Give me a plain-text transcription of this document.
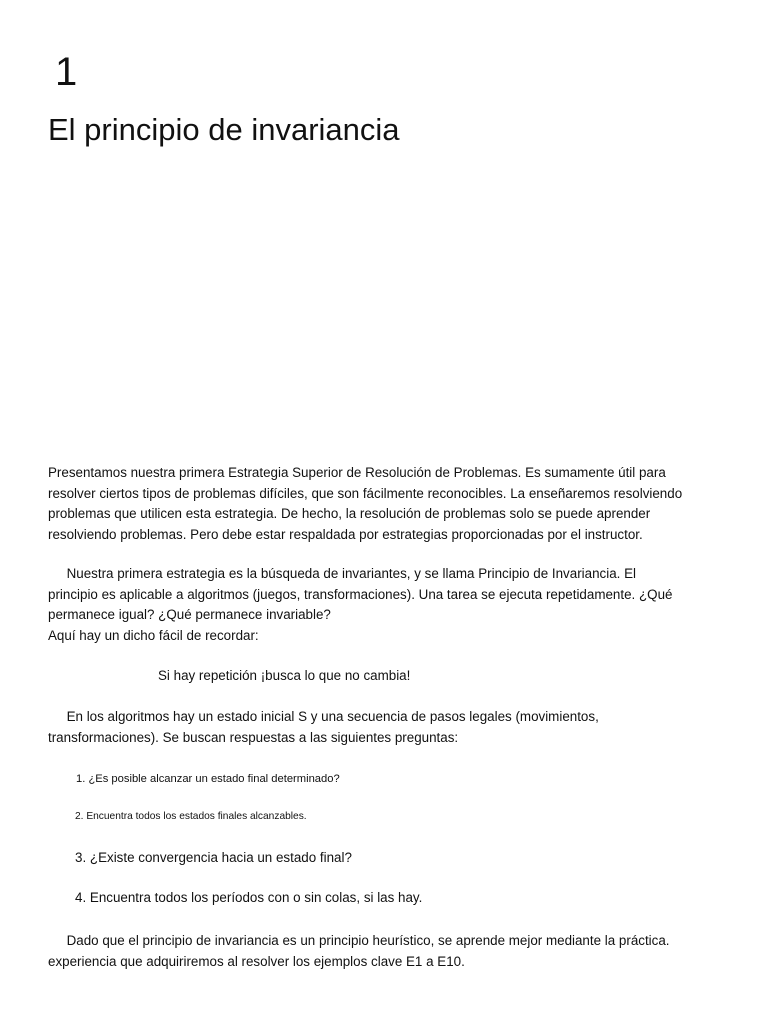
1
El principio de invariancia
Presentamos nuestra primera Estrategia Superior de Resolución de Problemas. Es sumamente útil para
resolver ciertos tipos de problemas difíciles, que son fácilmente reconocibles. La enseñaremos resolviendo
problemas que utilicen esta estrategia. De hecho, la resolución de problemas solo se puede aprender
resolviendo problemas. Pero debe estar respaldada por estrategias proporcionadas por el instructor.
Nuestra primera estrategia es la búsqueda de invariantes, y se llama Principio de Invariancia. El
principio es aplicable a algoritmos (juegos, transformaciones). Una tarea se ejecuta repetidamente. ¿Qué
permanece igual? ¿Qué permanece invariable?
Aquí hay un dicho fácil de recordar:
Si hay repetición ¡busca lo que no cambia!
En los algoritmos hay un estado inicial S y una secuencia de pasos legales (movimientos,
transformaciones). Se buscan respuestas a las siguientes preguntas:
1. ¿Es posible alcanzar un estado final determinado?
2. Encuentra todos los estados finales alcanzables.
3. ¿Existe convergencia hacia un estado final?
4. Encuentra todos los períodos con o sin colas, si las hay.
Dado que el principio de invariancia es un principio heurístico, se aprende mejor mediante la práctica.
experiencia que adquiriremos al resolver los ejemplos clave E1 a E10.
